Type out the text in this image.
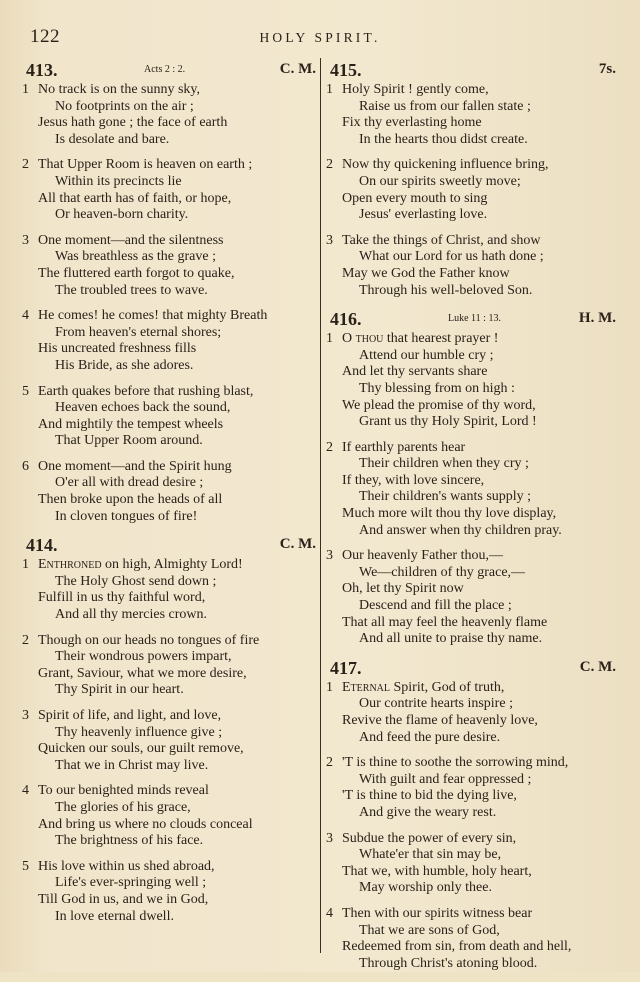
122	HOLY SPIRIT.
413.	Acts 2 : 2.	C. M.
1 No track is on the sunny sky,
No footprints on the air ;
Jesus hath gone ; the face of earth
Is desolate and bare.
2 That Upper Room is heaven on earth ;
Within its precincts lie
All that earth has of faith, or hope,
Or heaven-born charity.
3 One moment—and the silentness
Was breathless as the grave ;
The fluttered earth forgot to quake,
The troubled trees to wave.
4 He comes! he comes! that mighty Breath
From heaven's eternal shores;
His uncreated freshness fills
His Bride, as she adores.
5 Earth quakes before that rushing blast,
Heaven echoes back the sound,
And mightily the tempest wheels
That Upper Room around.
6 One moment—and the Spirit hung
O'er all with dread desire ;
Then broke upon the heads of all
In cloven tongues of fire!
414.	C. M.
1 Enthroned on high, Almighty Lord!
The Holy Ghost send down ;
Fulfill in us thy faithful word,
And all thy mercies crown.
2 Though on our heads no tongues of fire
Their wondrous powers impart,
Grant, Saviour, what we more desire,
Thy Spirit in our heart.
3 Spirit of life, and light, and love,
Thy heavenly influence give ;
Quicken our souls, our guilt remove,
That we in Christ may live.
4 To our benighted minds reveal
The glories of his grace,
And bring us where no clouds conceal
The brightness of his face.
5 His love within us shed abroad,
Life's ever-springing well ;
Till God in us, and we in God,
In love eternal dwell.
415.	7s.
1 Holy Spirit ! gently come,
Raise us from our fallen state ;
Fix thy everlasting home
In the hearts thou didst create.
2 Now thy quickening influence bring,
On our spirits sweetly move;
Open every mouth to sing
Jesus' everlasting love.
3 Take the things of Christ, and show
What our Lord for us hath done ;
May we God the Father know
Through his well-beloved Son.
416.	Luke 11 : 13.	H. M.
1 O thou that hearest prayer !
Attend our humble cry ;
And let thy servants share
Thy blessing from on high :
We plead the promise of thy word,
Grant us thy Holy Spirit, Lord !
2 If earthly parents hear
Their children when they cry ;
If they, with love sincere,
Their children's wants supply ;
Much more wilt thou thy love display,
And answer when thy children pray.
3 Our heavenly Father thou,—
We—children of thy grace,—
Oh, let thy Spirit now
Descend and fill the place ;
That all may feel the heavenly flame
And all unite to praise thy name.
417.	C. M.
1 Eternal Spirit, God of truth,
Our contrite hearts inspire ;
Revive the flame of heavenly love,
And feed the pure desire.
2 'T is thine to soothe the sorrowing mind,
With guilt and fear oppressed ;
'T is thine to bid the dying live,
And give the weary rest.
3 Subdue the power of every sin,
Whate'er that sin may be,
That we, with humble, holy heart,
May worship only thee.
4 Then with our spirits witness bear
That we are sons of God,
Redeemed from sin, from death and hell,
Through Christ's atoning blood.
